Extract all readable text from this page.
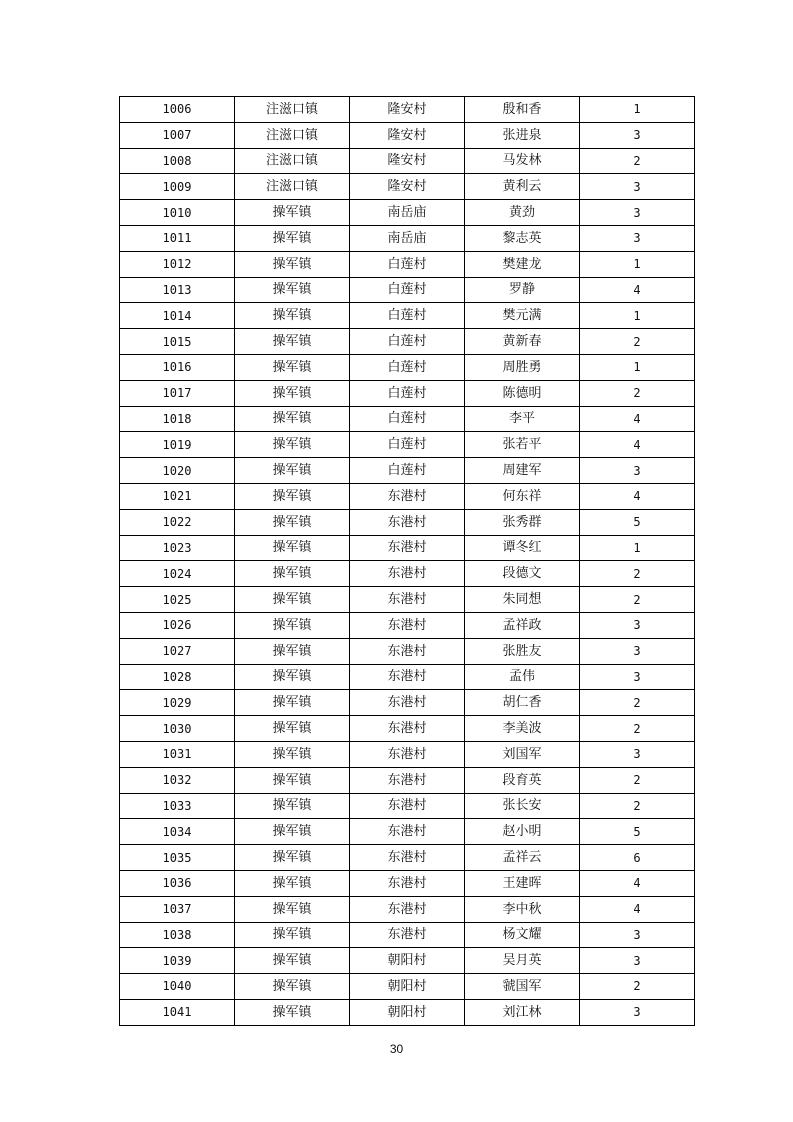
1006	注滋口镇	隆安村	殷和香	1
1007	注滋口镇	隆安村	张进泉	3
1008	注滋口镇	隆安村	马发林	2
1009	注滋口镇	隆安村	黄利云	3
1010	操军镇	南岳庙	黄劲	3
1011	操军镇	南岳庙	黎志英	3
1012	操军镇	白莲村	樊建龙	1
1013	操军镇	白莲村	罗静	4
1014	操军镇	白莲村	樊元满	1
1015	操军镇	白莲村	黄新春	2
1016	操军镇	白莲村	周胜勇	1
1017	操军镇	白莲村	陈德明	2
1018	操军镇	白莲村	李平	4
1019	操军镇	白莲村	张若平	4
1020	操军镇	白莲村	周建军	3
1021	操军镇	东港村	何东祥	4
1022	操军镇	东港村	张秀群	5
1023	操军镇	东港村	谭冬红	1
1024	操军镇	东港村	段德文	2
1025	操军镇	东港村	朱同想	2
1026	操军镇	东港村	孟祥政	3
1027	操军镇	东港村	张胜友	3
1028	操军镇	东港村	孟伟	3
1029	操军镇	东港村	胡仁香	2
1030	操军镇	东港村	李美波	2
1031	操军镇	东港村	刘国军	3
1032	操军镇	东港村	段育英	2
1033	操军镇	东港村	张长安	2
1034	操军镇	东港村	赵小明	5
1035	操军镇	东港村	孟祥云	6
1036	操军镇	东港村	王建晖	4
1037	操军镇	东港村	李中秋	4
1038	操军镇	东港村	杨文耀	3
1039	操军镇	朝阳村	吴月英	3
1040	操军镇	朝阳村	虢国军	2
1041	操军镇	朝阳村	刘江林	3
30
